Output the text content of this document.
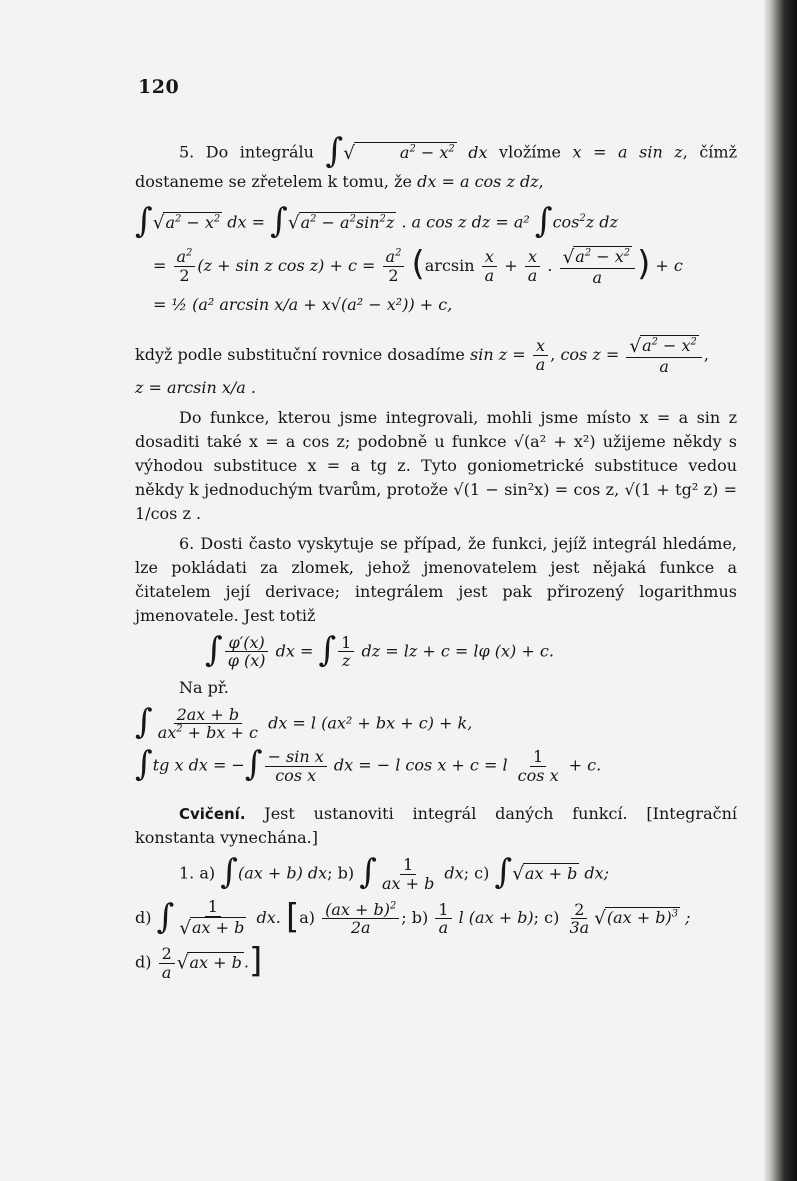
120

5. Do integrálu ∫√	$a^2 - x^2$ dx vložíme x = a sin z, čímž dostaneme se zřetelem k tomu, že dx = a cos z dz,

$\int√a^2 - x^2$ dx = $\int√a^2 - a^2\sin^2z$ . a cos z dz = a² $\int\cos^2z$ dz
= $\frac{a^2}{2} (z + \sin z$ $\cos z) + c = \frac{a^2}{2} (\arcsin \frac{x}{a} + \frac{x}{a}$ . $\frac{√a^2 - x^2}{a}$ ) + c
= ½ (a² arcsin x/a + x√(a² − x²)) + c,

když podle substituční rovnice dosadíme $\sin z = \frac{x}{a}$ , $\cos z = \frac{√a^2 - x^2}{a}$ ,

z = arcsin x/a .

Do funkce, kterou jsme integrovali, mohli jsme místo x = a sin z dosaditi také x = a cos z; podobně u funkce √(a² + x²) užijeme někdy s výhodou substituce x = a tg z. Tyto goniometrické substituce vedou někdy k jednoduchým tvarům, protože √(1 − sin²x) = cos z, √(1 + tg² z) = 1/cos z .

6. Dosti často vyskytuje se případ, že funkci, jejíž integrál hledáme, lze pokládati za zlomek, jehož jmenovatelem jest nějaká funkce a čitatelem její derivace; integrálem jest pak přirozený logarithmus jmenovatele. Jest totiž

∫ $\frac{\varphi'(x)}{\varphi (x)}$ dx = ∫ $\frac{1}{z}$ dz = lz + c = lφ (x) + c.

Na př.

∫ $\frac{2ax + b}{ax^2 + bx + c}$ dx = l (ax² + bx + c) + k,
∫tg x dx = −∫ $\frac{\text{− sin x}}{\text{cos x}}$ dx = − l cos x + c = l $\frac{1}{\text{cos x}} + c$.

Cvičení. Jest ustanoviti integrál daných funkcí. [Integrační konstanta vynechána.]

1. a) ∫(ax + b) dx; b) ∫ $\frac{1}{ax + b}$ dx; c) ∫√ax + b dx;
d) ∫ $\frac{1}{√ax + b}$ dx. $[a) \frac{(ax + b)^2}{2a}$ ; $b) \frac{1}{a}$ l (ax + b); $c) \frac{2}{3a} √(ax + b)^3$ ;
$d) \frac{2}{a} √ax + b$ .]
